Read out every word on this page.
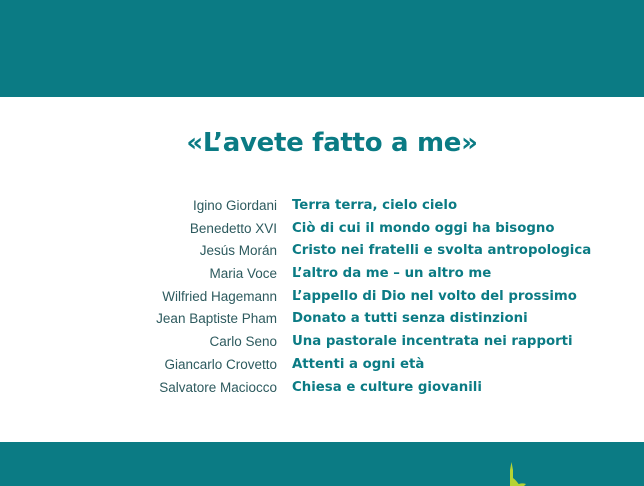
«L’avete fatto a me»
Igino Giordani Terra terra, cielo cielo
Benedetto XVI Ciò di cui il mondo oggi ha bisogno
Jesús Morán Cristo nei fratelli e svolta antropologica
Maria Voce L’altro da me – un altro me
Wilfried Hagemann L’appello di Dio nel volto del prossimo
Jean Baptiste Pham Donato a tutti senza distinzioni
Carlo Seno Una pastorale incentrata nei rapporti
Giancarlo Crovetto Attenti a ogni età
Salvatore Maciocco Chiesa e culture giovanili
